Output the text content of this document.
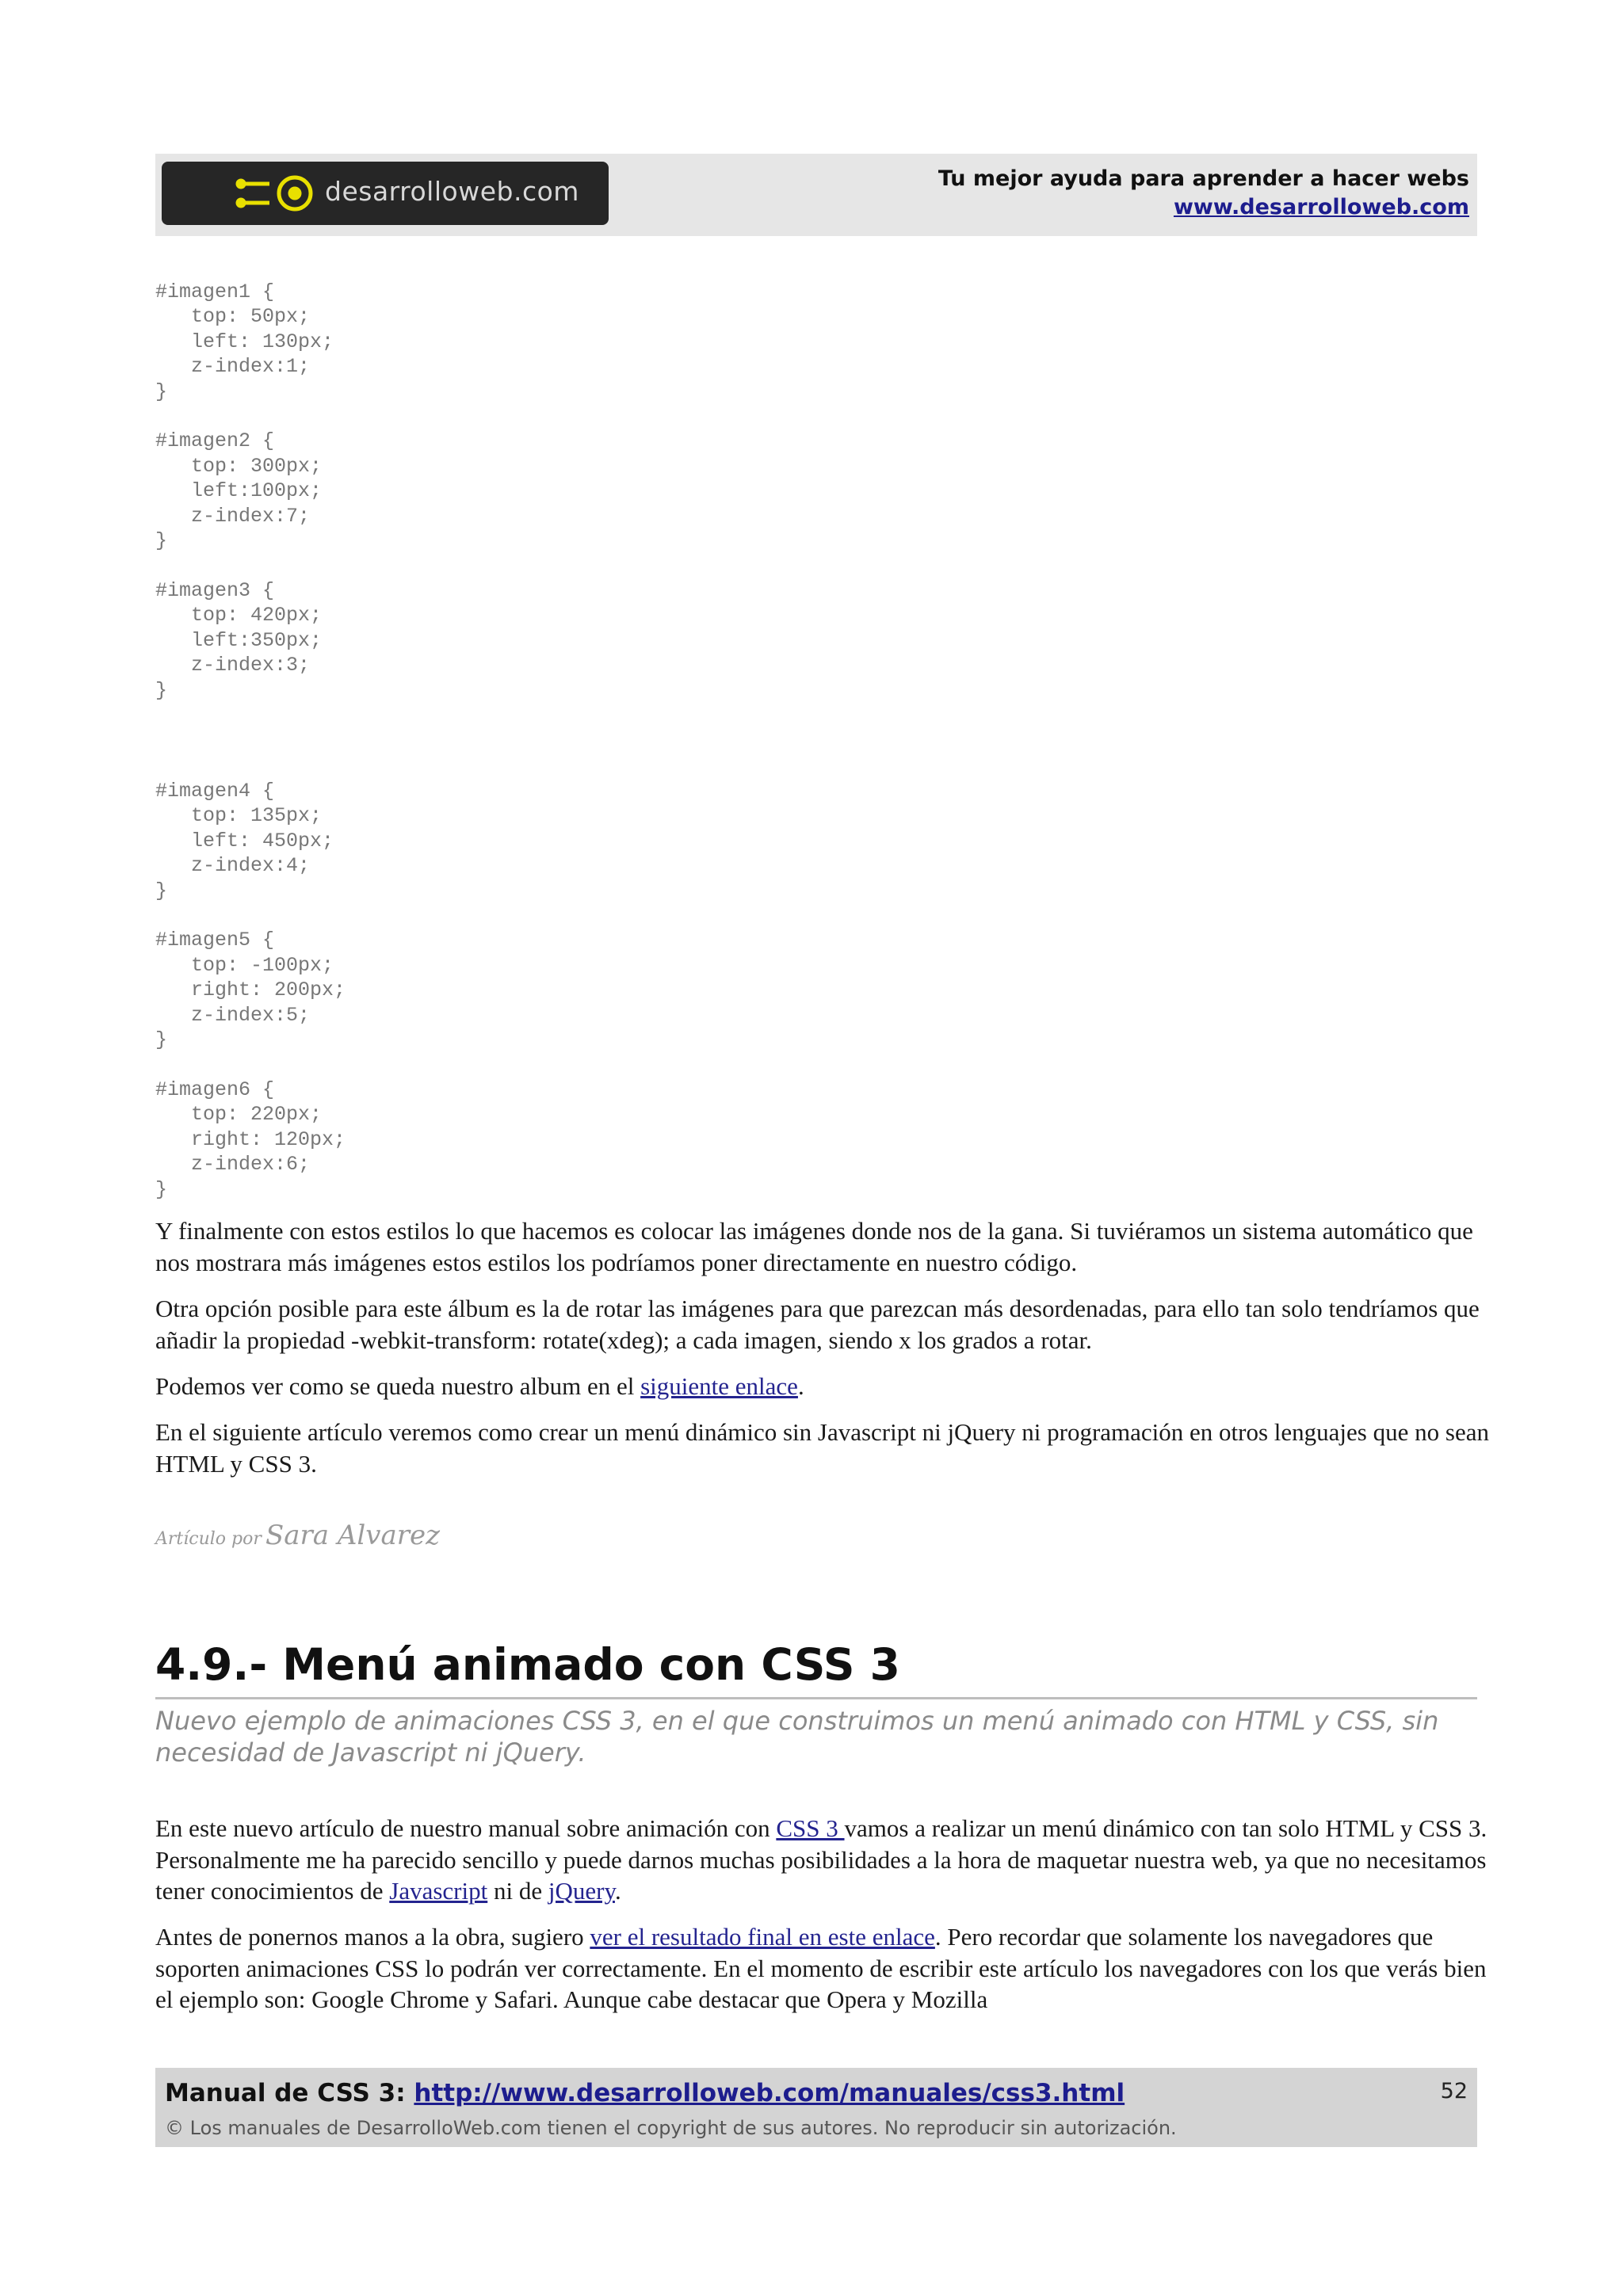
desarrolloweb.com	Tu mejor ayuda para aprender a hacer webs
www.desarrolloweb.com
#imagen1 {
top: 50px;
left: 130px;
z-index:1;
}

#imagen2 {
top: 300px;
left:100px;
z-index:7;
}

#imagen3 {
top: 420px;
left:350px;
z-index:3;
}
#imagen4 {
top: 135px;
left: 450px;
z-index:4;
}

#imagen5 {
top: -100px;
right: 200px;
z-index:5;
}

#imagen6 {
top: 220px;
right: 120px;
z-index:6;
}

Y finalmente con estos estilos lo que hacemos es colocar las imágenes donde nos de la gana. Si tuviéramos un sistema automático que nos mostrara más imágenes estos estilos los podríamos poner directamente en nuestro código.

Otra opción posible para este álbum es la de rotar las imágenes para que parezcan más desordenadas, para ello tan solo tendríamos que añadir la propiedad -webkit-transform: rotate(xdeg); a cada imagen, siendo x los grados a rotar.

Podemos ver como se queda nuestro album en el siguiente enlace.

En el siguiente artículo veremos como crear un menú dinámico sin Javascript ni jQuery ni programación en otros lenguajes que no sean HTML y CSS 3.

Artículo por Sara Alvarez
4.9.- Menú animado con CSS 3

Nuevo ejemplo de animaciones CSS 3, en el que construimos un menú animado con HTML y CSS, sin necesidad de Javascript ni jQuery.

En este nuevo artículo de nuestro manual sobre animación con CSS 3 vamos a realizar un menú dinámico con tan solo HTML y CSS 3. Personalmente me ha parecido sencillo y puede darnos muchas posibilidades a la hora de maquetar nuestra web, ya que no necesitamos tener conocimientos de Javascript ni de jQuery.

Antes de ponernos manos a la obra, sugiero ver el resultado final en este enlace. Pero recordar que solamente los navegadores que soporten animaciones CSS lo podrán ver correctamente. En el momento de escribir este artículo los navegadores con los que verás bien el ejemplo son: Google Chrome y Safari. Aunque cabe destacar que Opera y Mozilla

Manual de CSS 3: http://www.desarrolloweb.com/manuales/css3.html
© Los manuales de DesarrolloWeb.com tienen el copyright de sus autores. No reproducir sin autorización.
52
